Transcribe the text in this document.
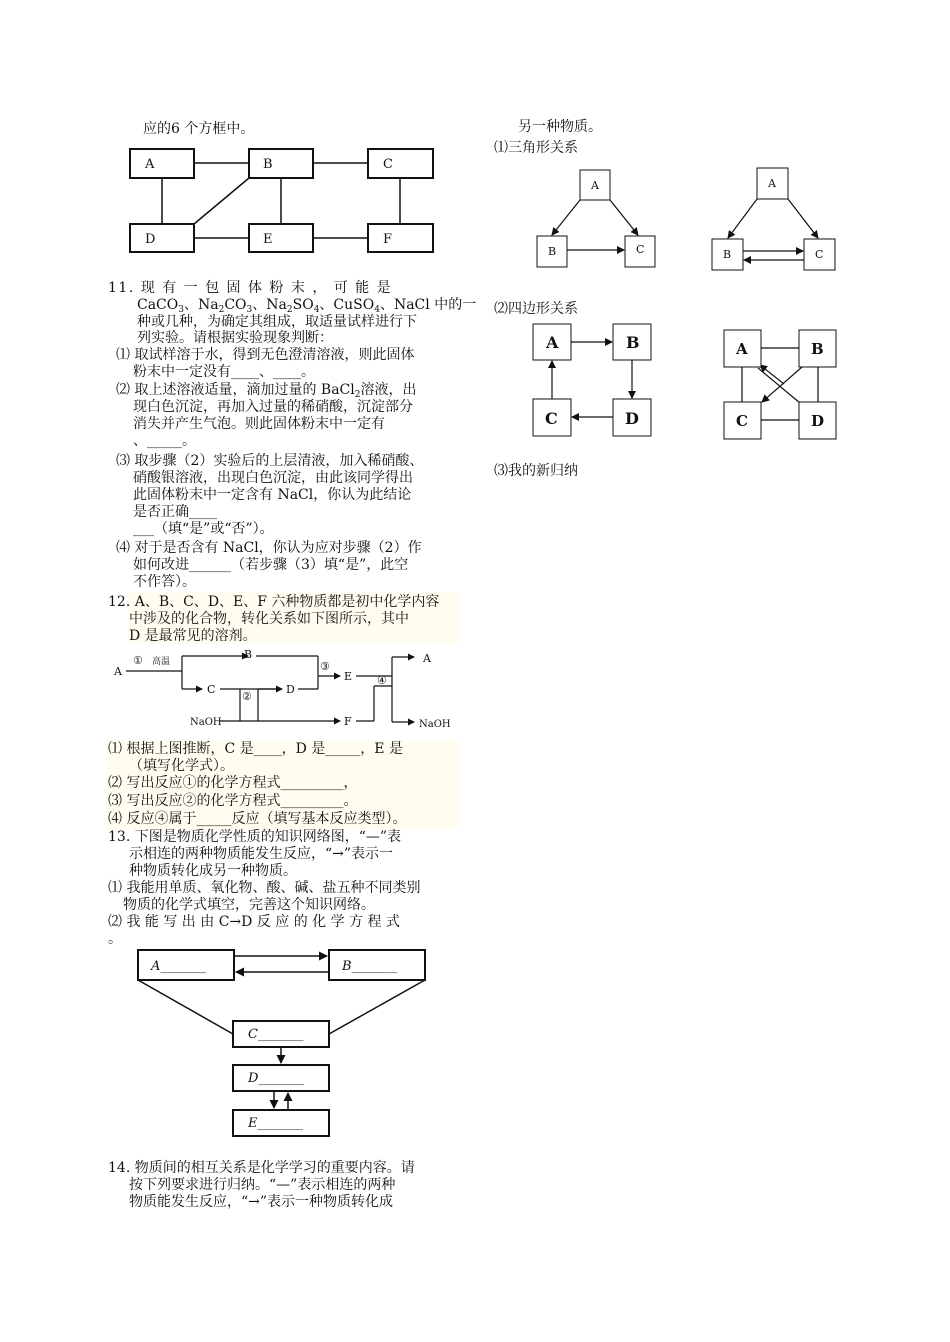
应的6 个方框中。
A	B	C
D	E	F
11. 现 有 一 包 固 体 粉 末 ， 可 能 是
CaCO$_3$、$Na_2CO_3$、$Na_2SO_4$、CuSO$_4$、NaCl 中的一
种或几种，为确定其组成，取适量试样进行下
列实验。请根据实验现象判断：
⑴ 取试样溶于水，得到无色澄清溶液，则此固体
粉末中一定没有____、____。
⑵ 取上述溶液适量，滴加过量的 BaCl$_2$溶液，出
现白色沉淀，再加入过量的稀硝酸，沉淀部分
消失并产生气泡。则此固体粉末中一定有
、_____。
⑶ 取步骤（2）实验后的上层清液，加入稀硝酸、
硝酸银溶液，出现白色沉淀，由此该同学得出
此固体粉末中一定含有 NaCl，你认为此结论
是否正确____
___（填“是”或“否”）。
⑷ 对于是否含有 NaCl，你认为应对步骤（2）作
如何改进______（若步骤（3）填“是”，此空
不作答）。
12. A、B、C、D、E、F 六种物质都是初中化学内容
中涉及的化合物，转化关系如下图所示，其中
D 是最常见的溶剂。
A
① 高温
B
C
②
D
③
E ④
A
F
NaOH	NaOH
⑴ 根据上图推断，C 是____，D 是_____，E 是
（填写化学式）。
⑵ 写出反应①的化学方程式_________，
⑶ 写出反应②的化学方程式_________。
⑷ 反应④属于_____反应（填写基本反应类型）。
13. 下图是物质化学性质的知识网络图，“—”表
示相连的两种物质能发生反应，“→”表示一
种物质转化成另一种物质。
⑴ 我能用单质、氧化物、酸、碱、盐五种不同类别
物质的化学式填空，完善这个知识网络。
⑵ 我 能 写 出 由 C→D 反 应 的 化 学 方 程 式
。
A_______	B_______
C_______
D_______
E_______
14. 物质间的相互关系是化学学习的重要内容。请
按下列要求进行归纳。“—”表示相连的两种
物质能发生反应，“→”表示一种物质转化成
另一种物质。
⑴三角形关系
A
B	C
A
B	C
⑵四边形关系
A	B
C	D
A	B
C	D
⑶我的新归纳
